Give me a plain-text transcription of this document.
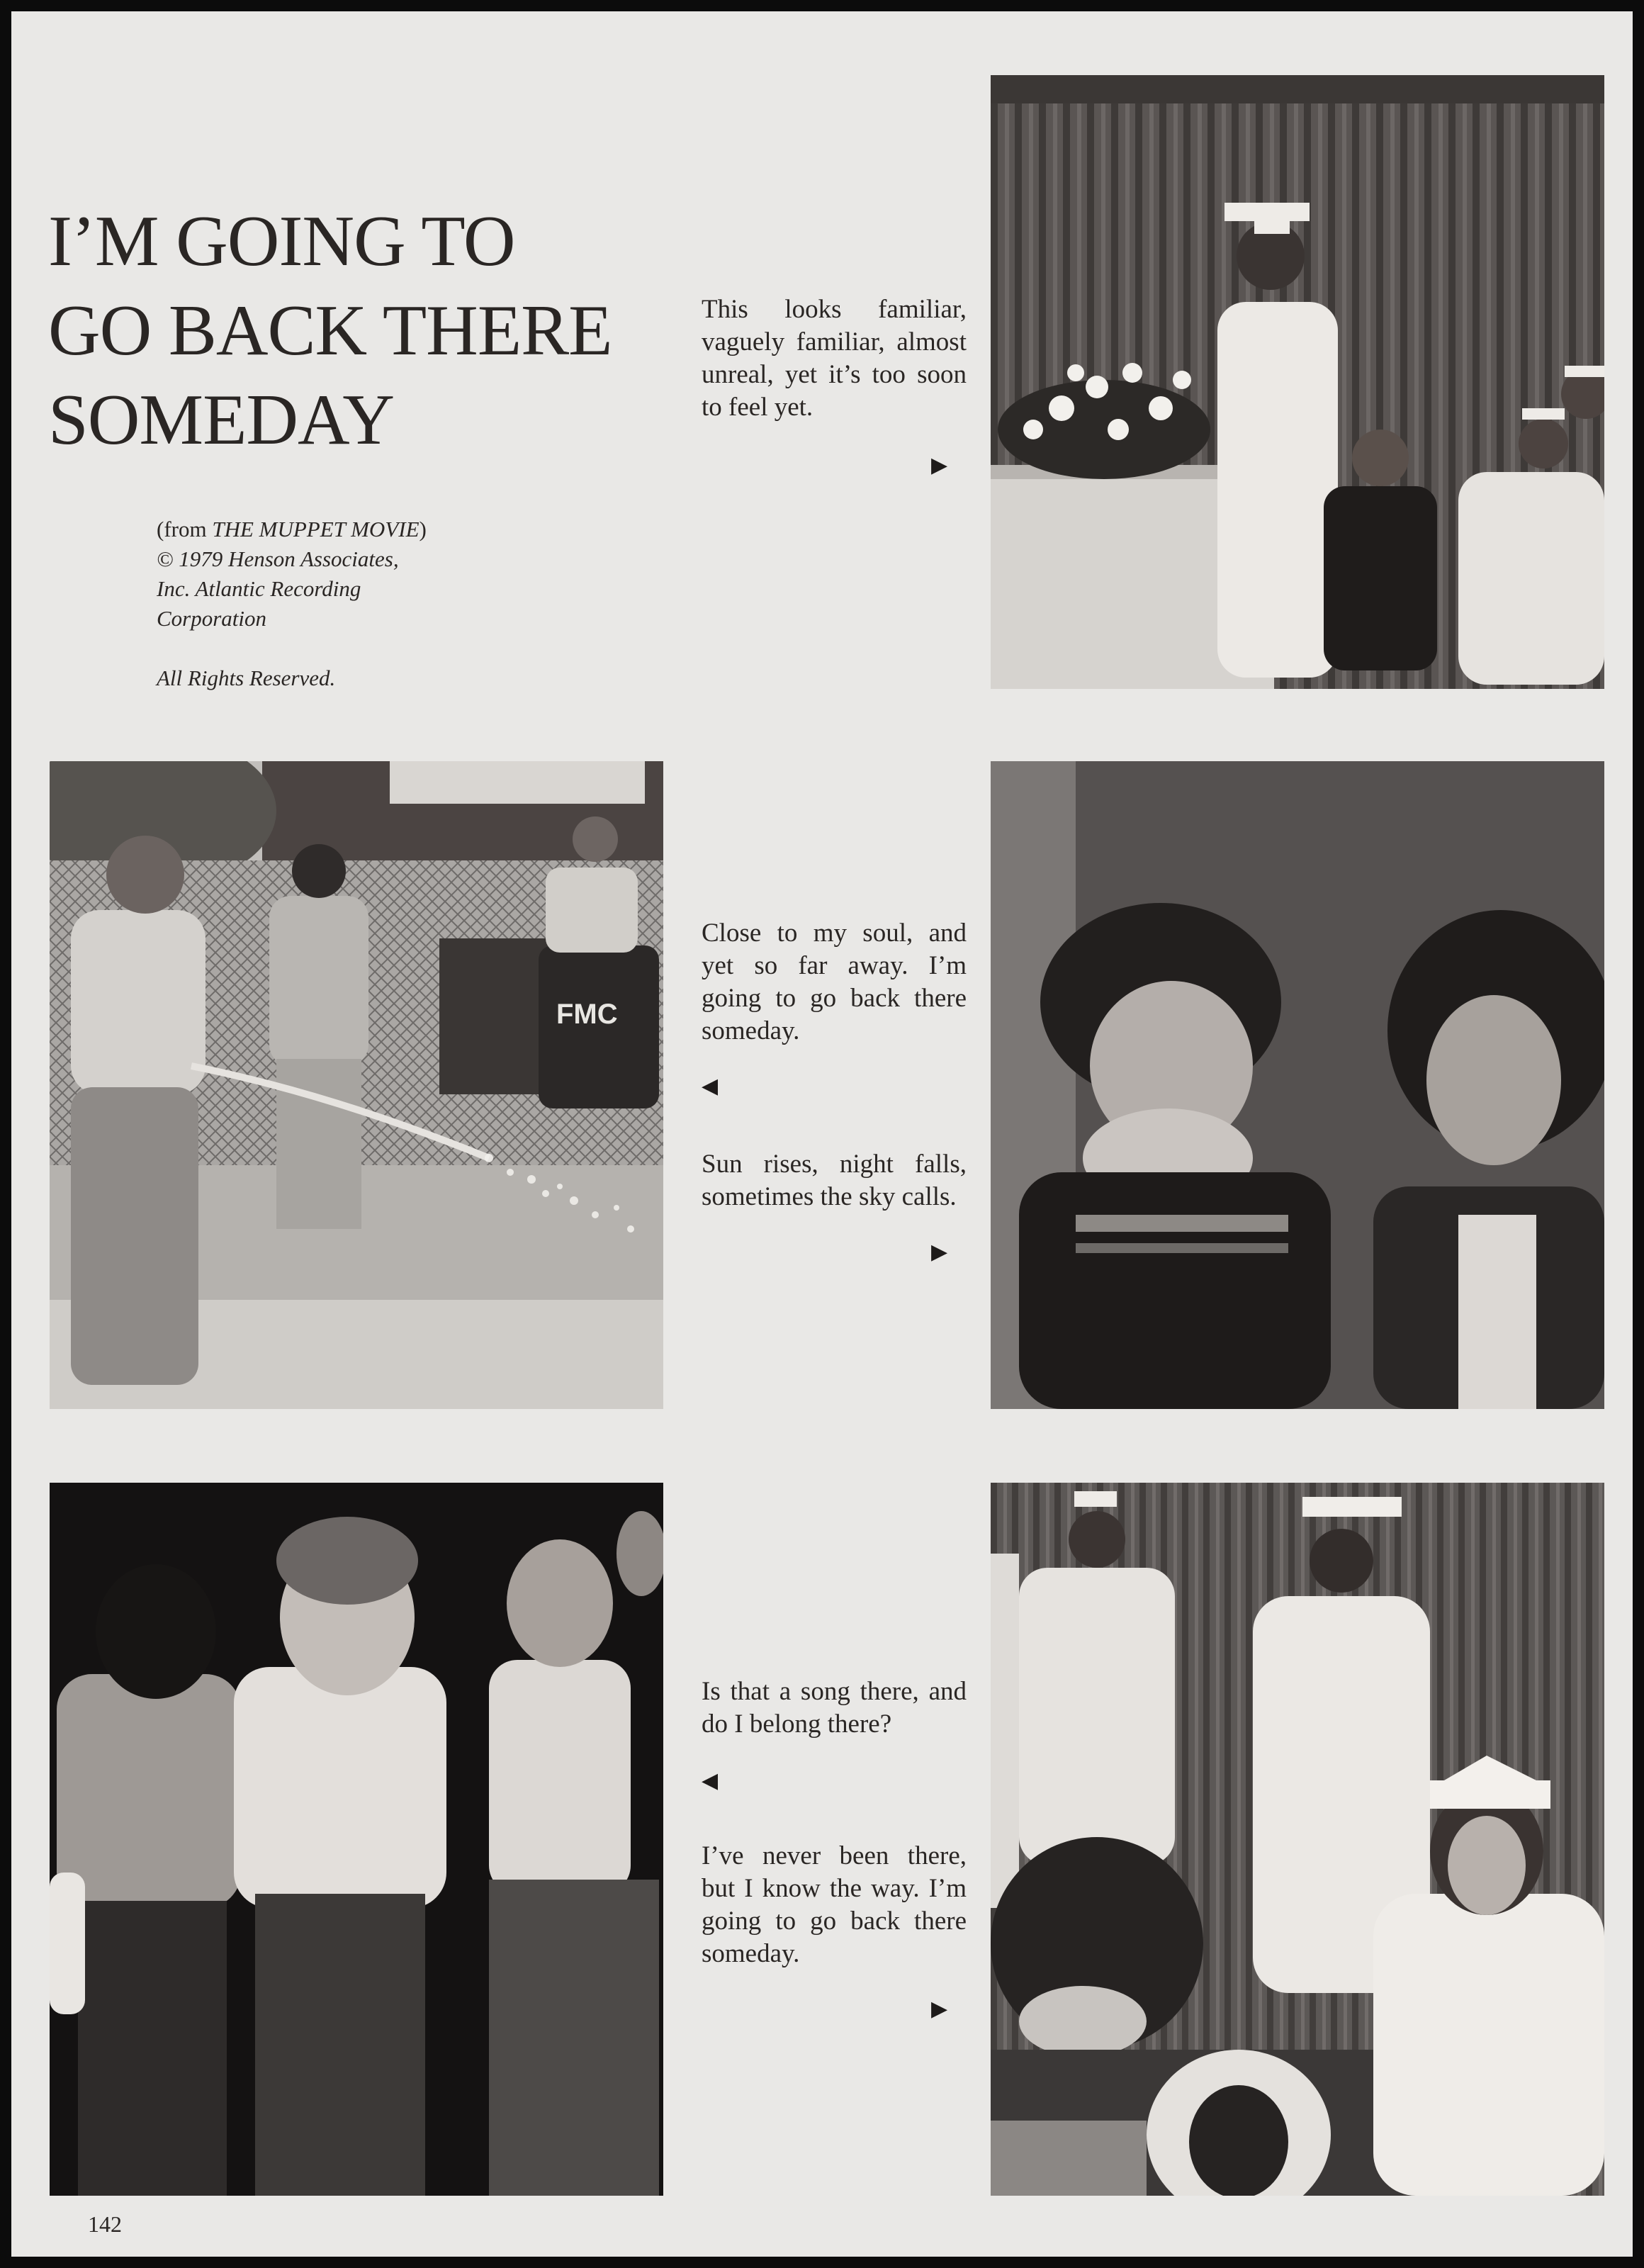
I’M GOING TO
GO BACK THERE
SOMEDAY
(from THE MUPPET MOVIE)
© 1979 Henson Associates,
Inc. Atlantic Recording
Corporation
All Rights Reserved.
This looks familiar, vaguely familiar, almost unreal, yet it’s too soon to feel yet.
▶
Close to my soul, and yet so far away. I’m going to go back there someday.
◀
Sun rises, night falls, sometimes the sky calls.
▶
Is that a song there, and do I belong there?
◀
I’ve never been there, but I know the way. I’m going to go back there someday.
▶
FMC
142
